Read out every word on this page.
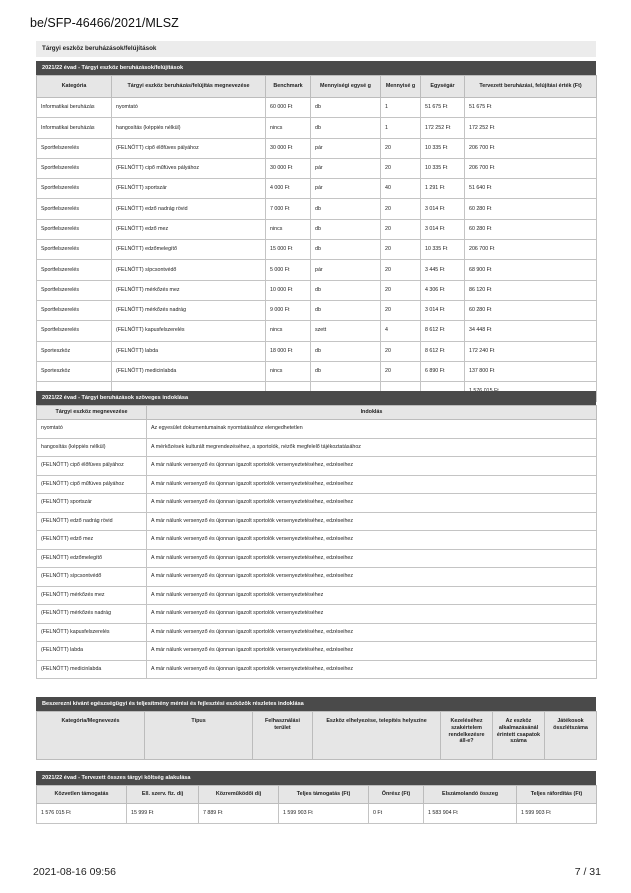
be/SFP-46466/2021/MLSZ
Tárgyi eszköz beruházások/felújítások
2021/22 évad - Tárgyi eszköz beruházások/felújítások
Kategória	Tárgyi eszköz beruházás/felújítás megnevezése	Benchmark	Mennyiségi egysé g	Mennyisé g	Egységár	Tervezett beruházási, felújítási érték (Ft)
Informatikai beruházás	nyomtató	60 000 Ft	db	1	51 675 Ft	51 675 Ft
Informatikai beruházás	hangosítás (képpiés nélkül)	nincs	db	1	172 252 Ft	172 252 Ft
Sportfelszerelés	(FELNŐTT) cipő élőfüves pályához	30 000 Ft	pár	20	10 335 Ft	206 700 Ft
Sportfelszerelés	(FELNŐTT) cipő műfüves pályához	30 000 Ft	pár	20	10 335 Ft	206 700 Ft
Sportfelszerelés	(FELNŐTT) sportszár	4 000 Ft	pár	40	1 291 Ft	51 640 Ft
Sportfelszerelés	(FELNŐTT) edző nadrág rövid	7 000 Ft	db	20	3 014 Ft	60 280 Ft
Sportfelszerelés	(FELNŐTT) edző mez	nincs	db	20	3 014 Ft	60 280 Ft
Sportfelszerelés	(FELNŐTT) edzőmelegítő	15 000 Ft	db	20	10 335 Ft	206 700 Ft
Sportfelszerelés	(FELNŐTT) sípcsontvédő	5 000 Ft	pár	20	3 445 Ft	68 900 Ft
Sportfelszerelés	(FELNŐTT) mérkőzés mez	10 000 Ft	db	20	4 306 Ft	86 120 Ft
Sportfelszerelés	(FELNŐTT) mérkőzés nadrág	9 000 Ft	db	20	3 014 Ft	60 280 Ft
Sportfelszerelés	(FELNŐTT) kapusfelszerelés	nincs	szett	4	8 612 Ft	34 448 Ft
Sporteszköz	(FELNŐTT) labda	18 000 Ft	db	20	8 612 Ft	172 240 Ft
Sporteszköz	(FELNŐTT) medicinlabda	nincs	db	20	6 890 Ft	137 800 Ft

2021/22 évad - Tárgyi beruházások szöveges indoklása
Tárgyi eszköz megnevezése	Indoklás
nyomtató	Az egyesület dokumentumainak nyomtatásához elengedhetetlen
hangosítás (képpiés nélkül)	A mérkőzések kulturált megrendezéséhez, a sportolók, nézők megfelelő tájékoztatásához
(FELNŐTT) cipő élőfüves pályához	A már nálunk versenyző és újonnan igazolt sportolók versenyeztetéséhez, edzéseihez
(FELNŐTT) cipő műfüves pályához	A már nálunk versenyző és újonnan igazolt sportolók versenyeztetéséhez, edzéseihez
(FELNŐTT) sportszár	A már nálunk versenyző és újonnan igazolt sportolók versenyeztetéséhez, edzéseihez
(FELNŐTT) edző nadrág rövid	A már nálunk versenyző és újonnan igazolt sportolók versenyeztetéséhez, edzéseihez
(FELNŐTT) edző mez	A már nálunk versenyző és újonnan igazolt sportolók versenyeztetéséhez, edzéseihez
(FELNŐTT) edzőmelegítő	A már nálunk versenyző és újonnan igazolt sportolók versenyeztetéséhez, edzéseihez
(FELNŐTT) sípcsontvédő	A már nálunk versenyző és újonnan igazolt sportolók versenyeztetéséhez, edzéseihez
(FELNŐTT) mérkőzés mez	A már nálunk versenyző és újonnan igazolt sportolók versenyeztetéséhez
(FELNŐTT) mérkőzés nadrág	A már nálunk versenyző és újonnan igazolt sportolók versenyeztetéséhez
(FELNŐTT) kapusfelszerelés	A már nálunk versenyző és újonnan igazolt sportolók versenyeztetéséhez, edzéseihez
(FELNŐTT) labda	A már nálunk versenyző és újonnan igazolt sportolók versenyeztetéséhez, edzéseihez
(FELNŐTT) medicinlabda	A már nálunk versenyző és újonnan igazolt sportolók versenyeztetéséhez, edzéseihez
Beszerezni kívánt egészségügyi és teljesítmény mérési és fejlesztési eszközök részletes indoklása
Kategória/Megnevezés	Típus	Felhasználási terület	Eszköz elhelyezése, telepítés helyszíne	Kezeléséhez szakértelem rendelkezésre áll-e?	Az eszköz alkalmazásánál érintett csapatok száma	Játékosok összlétszáma
2021/22 évad - Tervezett összes tárgyi költség alakulása
Közvetlen támogatás	Ell. szerv. fiz. díj	Közreműködői díj	Teljes támogatás (Ft)	Önrész (Ft)	Elszámolandó összeg	Teljes ráfordítás (Ft)
1 576 015 Ft	15 999 Ft	7 889 Ft	1 599 903 Ft	0 Ft	1 583 904 Ft	1 599 903 Ft
2021-08-16 09:56	7 / 31
